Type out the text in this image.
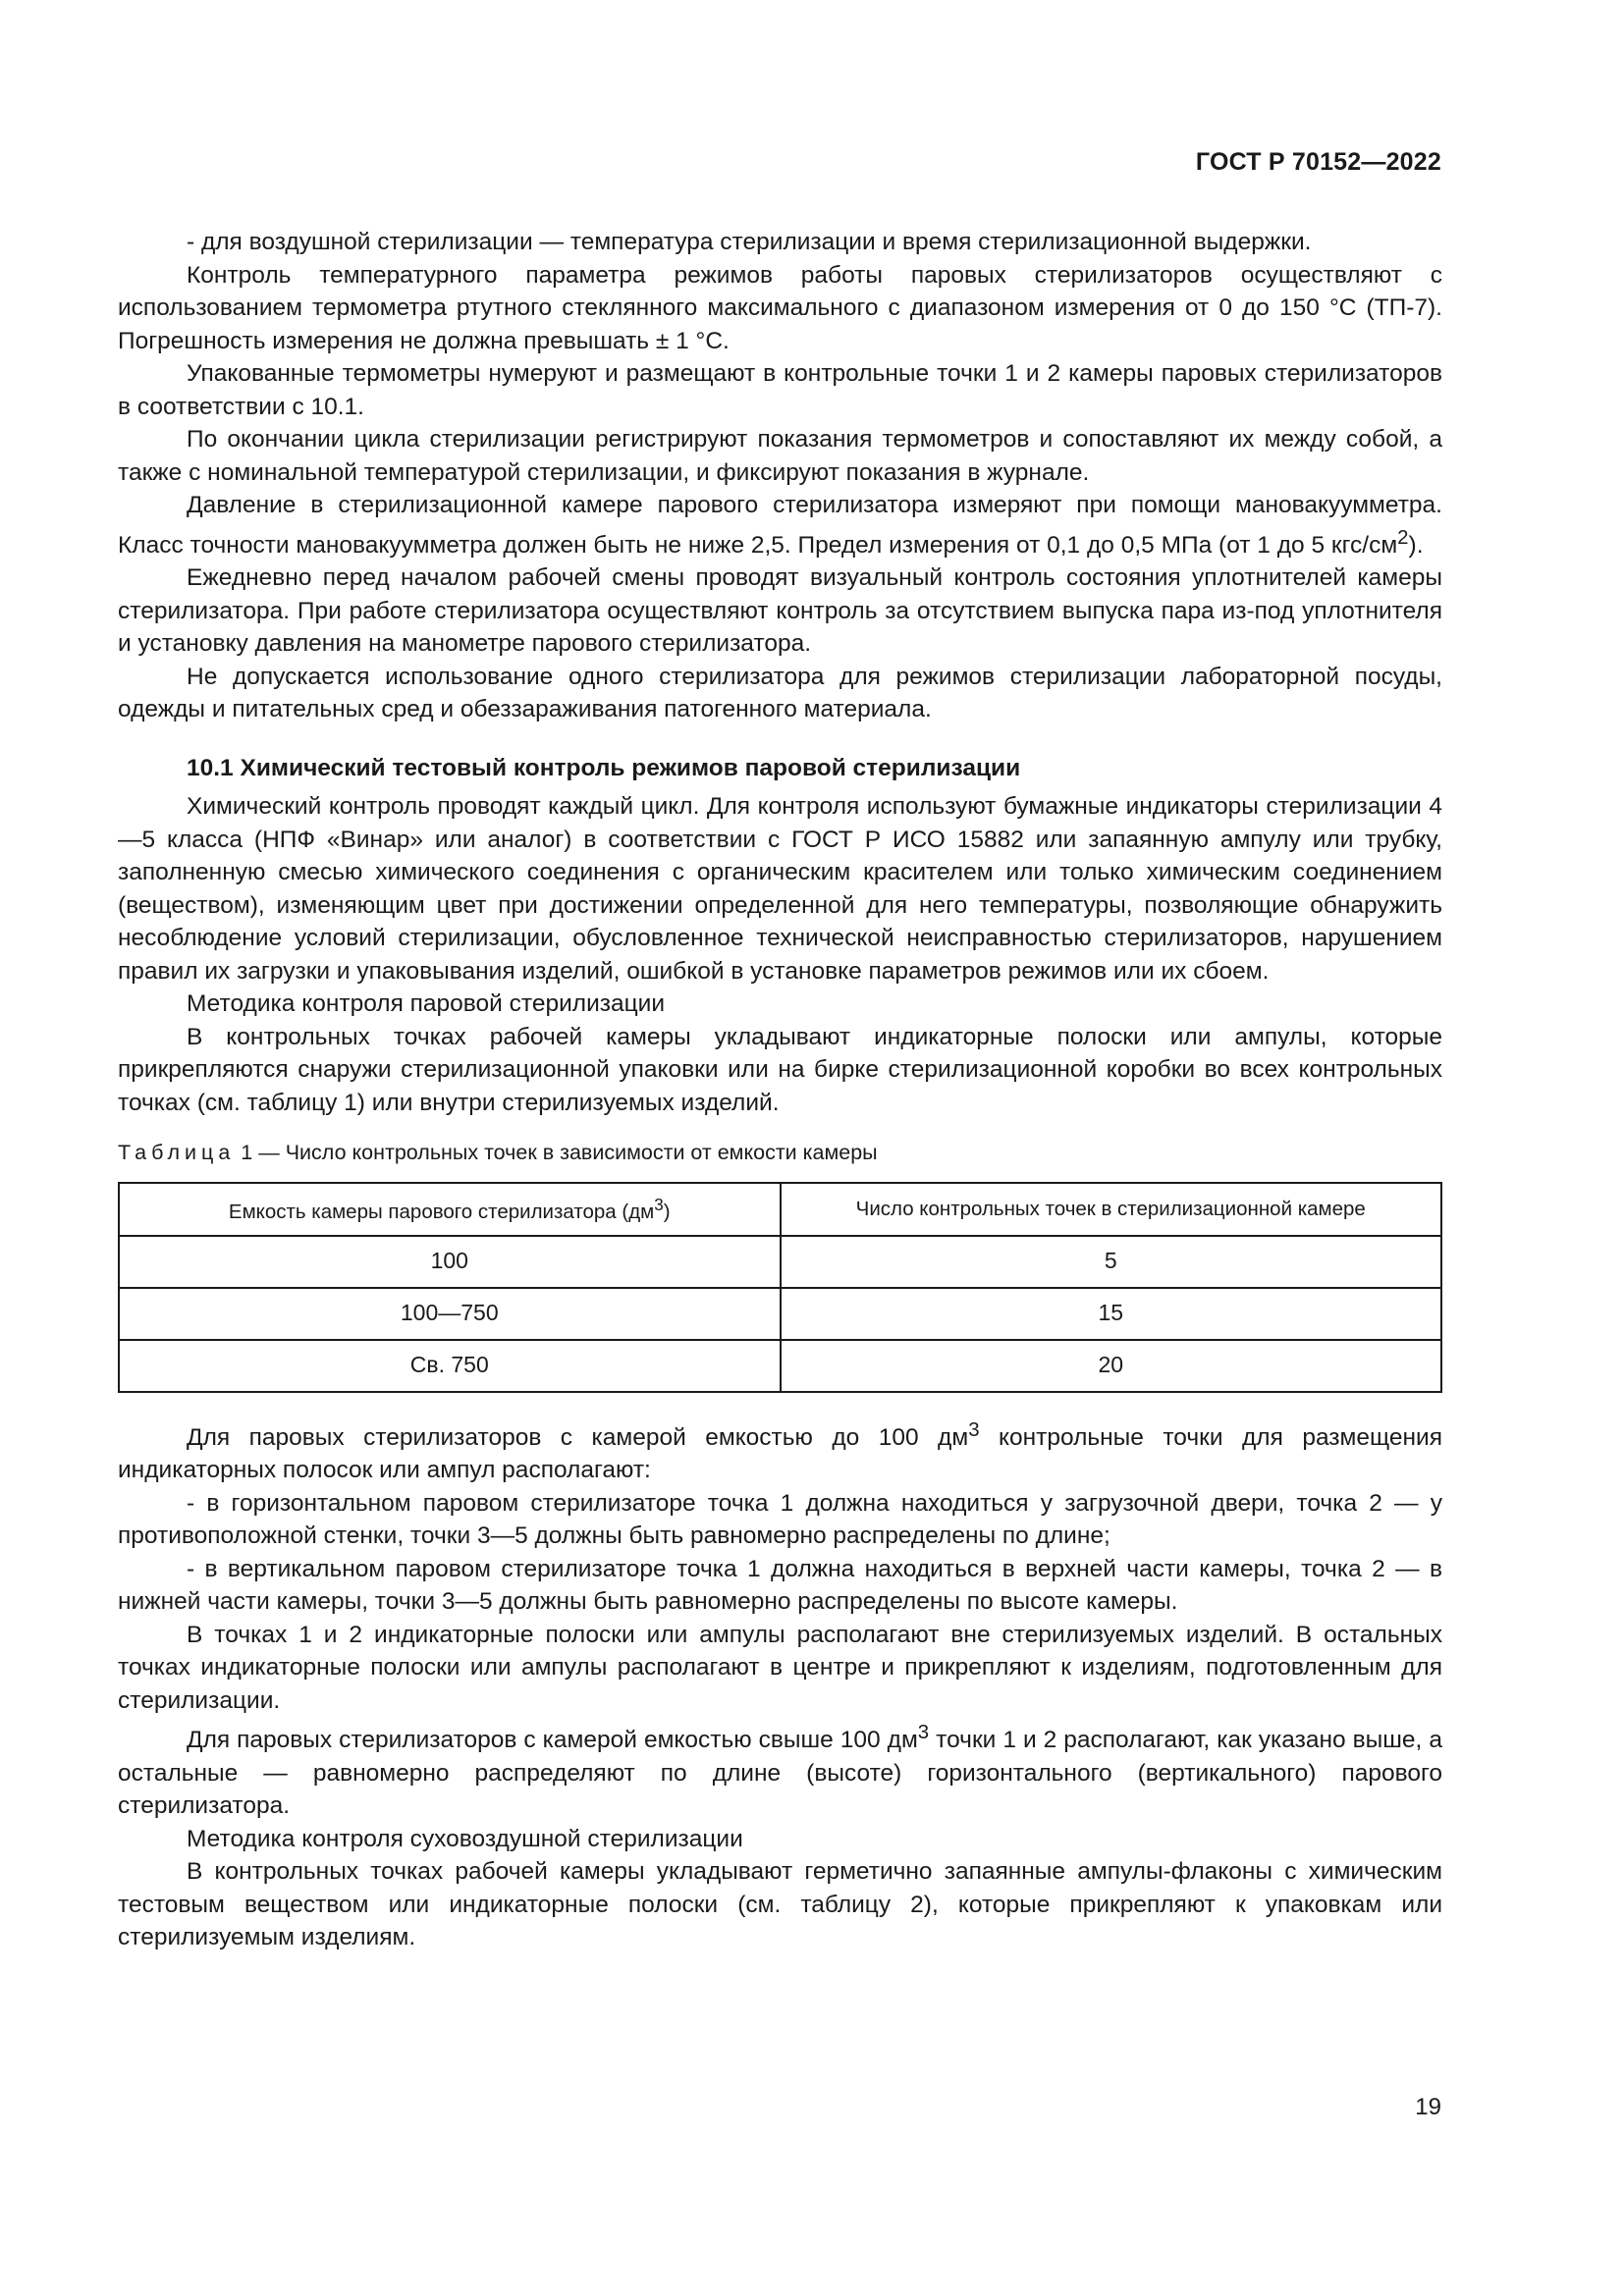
ГОСТ Р 70152—2022

- для воздушной стерилизации — температура стерилизации и время стерилизационной выдержки.

Контроль температурного параметра режимов работы паровых стерилизаторов осуществляют с использованием термометра ртутного стеклянного максимального с диапазоном измерения от 0 до 150 °С (ТП-7). Погрешность измерения не должна превышать ± 1 °С.

Упакованные термометры нумеруют и размещают в контрольные точки 1 и 2 камеры паровых стерилизаторов в соответствии с 10.1.

По окончании цикла стерилизации регистрируют показания термометров и сопоставляют их между собой, а также с номинальной температурой стерилизации, и фиксируют показания в журнале.

Давление в стерилизационной камере парового стерилизатора измеряют при помощи мановакуумметра. Класс точности мановакуумметра должен быть не ниже 2,5. Предел измерения от 0,1 до 0,5 МПа (от 1 до 5 кгс/$см^2$).

Ежедневно перед началом рабочей смены проводят визуальный контроль состояния уплотнителей камеры стерилизатора. При работе стерилизатора осуществляют контроль за отсутствием выпуска пара из-под уплотнителя и установку давления на манометре парового стерилизатора.

Не допускается использование одного стерилизатора для режимов стерилизации лабораторной посуды, одежды и питательных сред и обеззараживания патогенного материала.

10.1 Химический тестовый контроль режимов паровой стерилизации

Химический контроль проводят каждый цикл. Для контроля используют бумажные индикаторы стерилизации 4—5 класса (НПФ «Винар» или аналог) в соответствии с ГОСТ Р ИСО 15882 или запаянную ампулу или трубку, заполненную смесью химического соединения с органическим красителем или только химическим соединением (веществом), изменяющим цвет при достижении определенной для него температуры, позволяющие обнаружить несоблюдение условий стерилизации, обусловленное технической неисправностью стерилизаторов, нарушением правил их загрузки и упаковывания изделий, ошибкой в установке параметров режимов или их сбоем.

Методика контроля паровой стерилизации

В контрольных точках рабочей камеры укладывают индикаторные полоски или ампулы, которые прикрепляются снаружи стерилизационной упаковки или на бирке стерилизационной коробки во всех контрольных точках (см. таблицу 1) или внутри стерилизуемых изделий.

Таблица 1 — Число контрольных точек в зависимости от емкости камеры
Емкость камеры парового стерилизатора $(дм^3)$	Число контрольных точек в стерилизационной камере
100	5
100—750	15
Св. 750	20

Для паровых стерилизаторов с камерой емкостью до 100 $дм^3$ контрольные точки для размещения индикаторных полосок или ампул располагают:

- в горизонтальном паровом стерилизаторе точка 1 должна находиться у загрузочной двери, точка 2 — у противоположной стенки, точки 3—5 должны быть равномерно распределены по длине;

- в вертикальном паровом стерилизаторе точка 1 должна находиться в верхней части камеры, точка 2 — в нижней части камеры, точки 3—5 должны быть равномерно распределены по высоте камеры.

В точках 1 и 2 индикаторные полоски или ампулы располагают вне стерилизуемых изделий. В остальных точках индикаторные полоски или ампулы располагают в центре и прикрепляют к изделиям, подготовленным для стерилизации.

Для паровых стерилизаторов с камерой емкостью свыше 100 $дм^3$ точки 1 и 2 располагают, как указано выше, а остальные — равномерно распределяют по длине (высоте) горизонтального (вертикального) парового стерилизатора.

Методика контроля суховоздушной стерилизации

В контрольных точках рабочей камеры укладывают герметично запаянные ампулы-флаконы с химическим тестовым веществом или индикаторные полоски (см. таблицу 2), которые прикрепляют к упаковкам или стерилизуемым изделиям.

19
